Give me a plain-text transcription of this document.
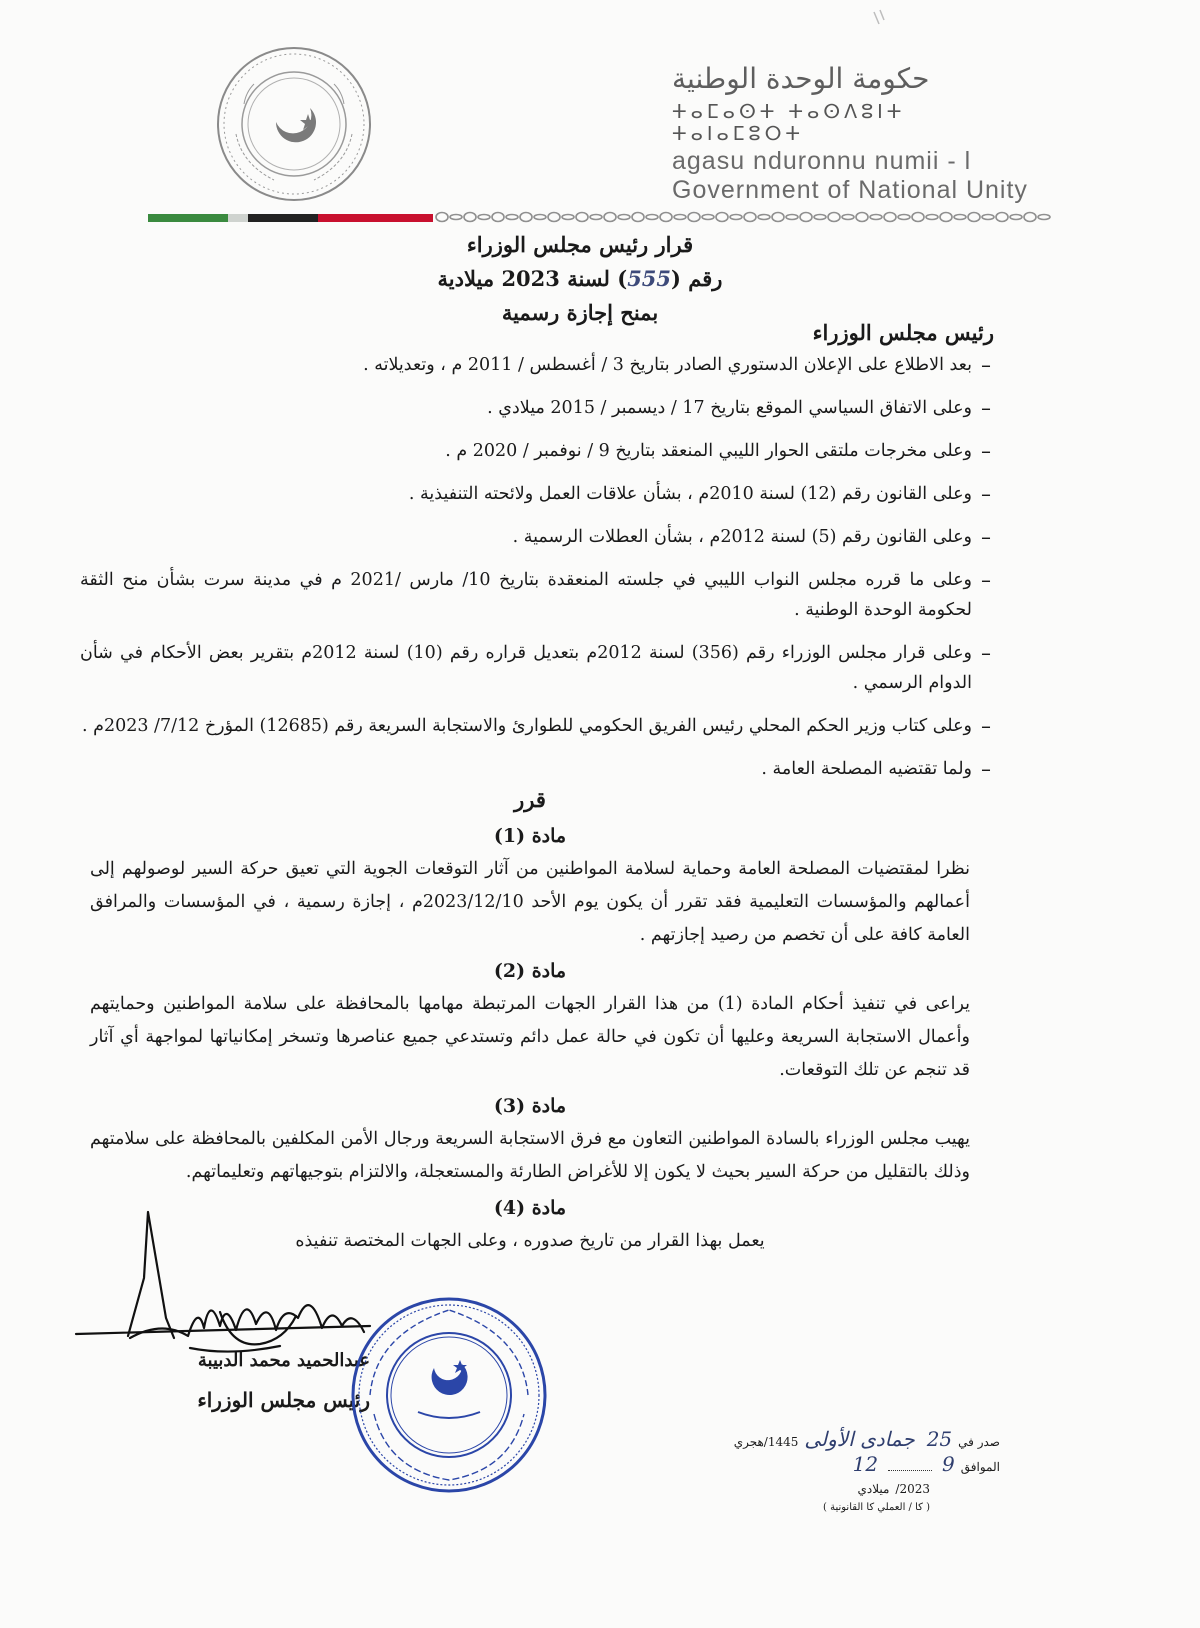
حكومة الوحدة الوطنية
ⵜⴰⵎⴰⵙⵜ ⵜⴰⵙⴷⵓⵏⵜ ⵜⴰⵏⴰⵎⵓⵔⵜ
agasu nduronnu numii - l
Government of National Unity

قرار رئيس مجلس الوزراء

رقم (555) لسنة 2023 ميلادية

بمنح إجازة رسمية

رئيس مجلس الوزراء
–
بعد الاطلاع على الإعلان الدستوري الصادر بتاريخ 3 / أغسطس / 2011 م ، وتعديلاته .
–
وعلى الاتفاق السياسي الموقع بتاريخ 17 / ديسمبر / 2015 ميلادي .
–
وعلى مخرجات ملتقى الحوار الليبي المنعقد بتاريخ 9 / نوفمبر / 2020 م .
–
وعلى القانون رقم (12) لسنة 2010م ، بشأن علاقات العمل ولائحته التنفيذية .
–
وعلى القانون رقم (5) لسنة 2012م ، بشأن العطلات الرسمية .
–
وعلى ما قرره مجلس النواب الليبي في جلسته المنعقدة بتاريخ 10/ مارس /2021 م في مدينة سرت بشأن منح الثقة لحكومة الوحدة الوطنية .
–
وعلى قرار مجلس الوزراء رقم (356) لسنة 2012م بتعديل قراره رقم (10) لسنة 2012م بتقرير بعض الأحكام في شأن الدوام الرسمي .
–
وعلى كتاب وزير الحكم المحلي رئيس الفريق الحكومي للطوارئ والاستجابة السريعة رقم (12685) المؤرخ 7/12/ 2023م .
–
ولما تقتضيه المصلحة العامة .
قرر
مادة (1)
نظرا لمقتضيات المصلحة العامة وحماية لسلامة المواطنين من آثار التوقعات الجوية التي تعيق حركة السير لوصولهم إلى أعمالهم والمؤسسات التعليمية فقد تقرر أن يكون يوم الأحد 2023/12/10م ، إجازة رسمية ، في المؤسسات والمرافق العامة كافة على أن تخصم من رصيد إجازتهم .
مادة (2)
يراعى في تنفيذ أحكام المادة (1) من هذا القرار الجهات المرتبطة مهامها بالمحافظة على سلامة المواطنين وحمايتهم وأعمال الاستجابة السريعة وعليها أن تكون في حالة عمل دائم وتستدعي جميع عناصرها وتسخر إمكانياتها لمواجهة أي آثار قد تنجم عن تلك التوقعات.
مادة (3)
يهيب مجلس الوزراء بالسادة المواطنين التعاون مع فرق الاستجابة السريعة ورجال الأمن المكلفين بالمحافظة على سلامتهم وذلك بالتقليل من حركة السير بحيث لا يكون إلا للأغراض الطارئة والمستعجلة، والالتزام بتوجيهاتهم وتعليماتهم.
مادة (4)
يعمل بهذا القرار من تاريخ صدوره ، وعلى الجهات المختصة تنفيذه
عبدالحميد محمد الدبيبة
رئيس مجلس الوزراء
صدر في
25
جمادى الأولى
1445/
هجري
الموافق
9
12
2023/
ميلادي
( كا / العملي كا القانونية )
